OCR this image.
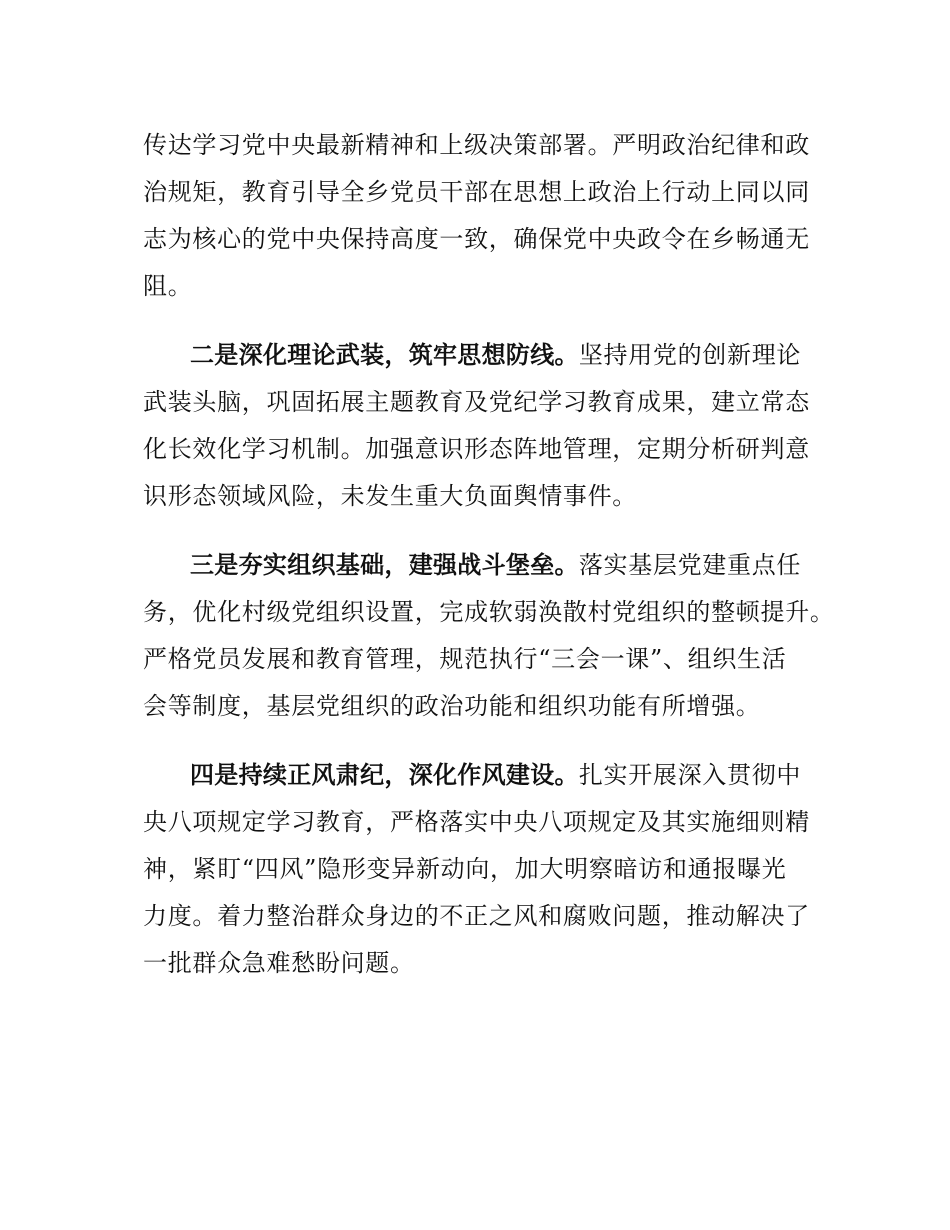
传达学习党中央最新精神和上级决策部署。严明政治纪律和政
治规矩，教育引导全乡党员干部在思想上政治上行动上同以同
志为核心的党中央保持高度一致，确保党中央政令在乡畅通无
阻。
二是深化理论武装，筑牢思想防线。坚持用党的创新理论
武装头脑，巩固拓展主题教育及党纪学习教育成果，建立常态
化长效化学习机制。加强意识形态阵地管理，定期分析研判意
识形态领域风险，未发生重大负面舆情事件。
三是夯实组织基础，建强战斗堡垒。落实基层党建重点任
务，优化村级党组织设置，完成软弱涣散村党组织的整顿提升。
严格党员发展和教育管理，规范执行“三会一课”、组织生活
会等制度，基层党组织的政治功能和组织功能有所增强。
四是持续正风肃纪，深化作风建设。扎实开展深入贯彻中
央八项规定学习教育，严格落实中央八项规定及其实施细则精
神，紧盯“四风”隐形变异新动向，加大明察暗访和通报曝光
力度。着力整治群众身边的不正之风和腐败问题，推动解决了
一批群众急难愁盼问题。
